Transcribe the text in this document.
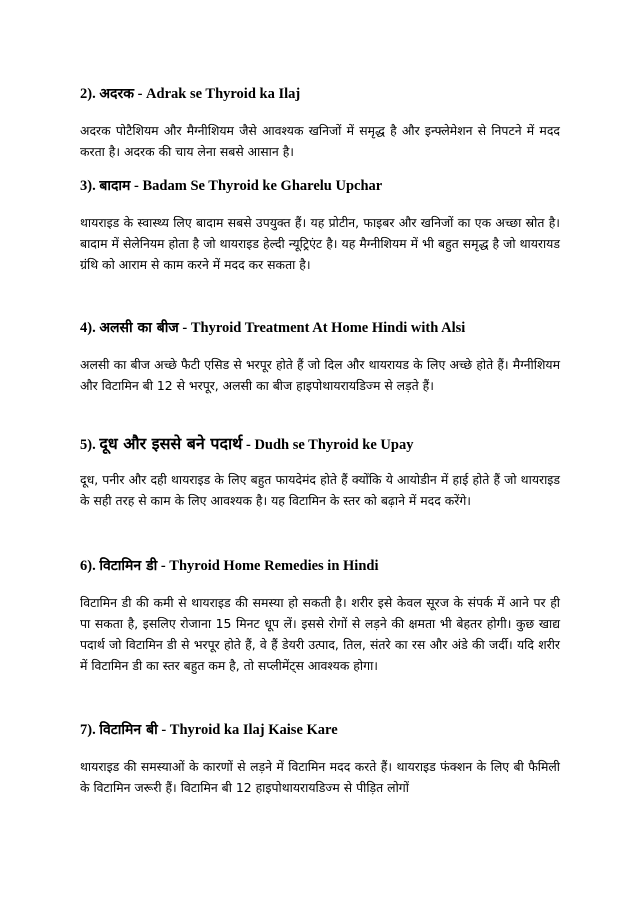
2). अदरक - Adrak se Thyroid ka Ilaj

अदरक पोटैशियम और मैग्नीशियम जैसे आवश्यक खनिजों में समृद्ध है और इन्फ्लेमेशन से निपटने में मदद करता है। अदरक की चाय लेना सबसे आसान है।

3). बादाम - Badam Se Thyroid ke Gharelu Upchar

थायराइड के स्वास्थ्य लिए बादाम सबसे उपयुक्त हैं। यह प्रोटीन, फाइबर और खनिजों का एक अच्छा स्रोत है। बादाम में सेलेनियम होता है जो थायराइड हेल्दी न्यूट्रिएंट है। यह मैग्नीशियम में भी बहुत समृद्ध है जो थायरायड ग्रंथि को आराम से काम करने में मदद कर सकता है।

4). अलसी का बीज - Thyroid Treatment At Home Hindi with Alsi

अलसी का बीज अच्छे फैटी एसिड से भरपूर होते हैं जो दिल और थायरायड के लिए अच्छे होते हैं। मैग्नीशियम और विटामिन बी 12 से भरपूर, अलसी का बीज हाइपोथायरायडिज्म से लड़ते हैं।

5). दूध और इससे बने पदार्थ - Dudh se Thyroid ke Upay

दूध, पनीर और दही थायराइड के लिए बहुत फायदेमंद होते हैं क्योंकि ये आयोडीन में हाई होते हैं जो थायराइड के सही तरह से काम के लिए आवश्यक है। यह विटामिन के स्तर को बढ़ाने में मदद करेंगे।

6). विटामिन डी - Thyroid Home Remedies in Hindi

विटामिन डी की कमी से थायराइड की समस्या हो सकती है। शरीर इसे केवल सूरज के संपर्क में आने पर ही पा सकता है, इसलिए रोजाना 15 मिनट धूप लें। इससे रोगों से लड़ने की क्षमता भी बेहतर होगी। कुछ खाद्य पदार्थ जो विटामिन डी से भरपूर होते हैं, वे हैं डेयरी उत्पाद, तिल, संतरे का रस और अंडे की जर्दी। यदि शरीर में विटामिन डी का स्तर बहुत कम है, तो सप्लीमेंट्स आवश्यक होगा।

7). विटामिन बी - Thyroid ka Ilaj Kaise Kare

थायराइड की समस्याओं के कारणों से लड़ने में विटामिन मदद करते हैं। थायराइड फंक्शन के लिए बी फैमिली के विटामिन जरूरी हैं। विटामिन बी 12 हाइपोथायरायडिज्म से पीड़ित लोगों
